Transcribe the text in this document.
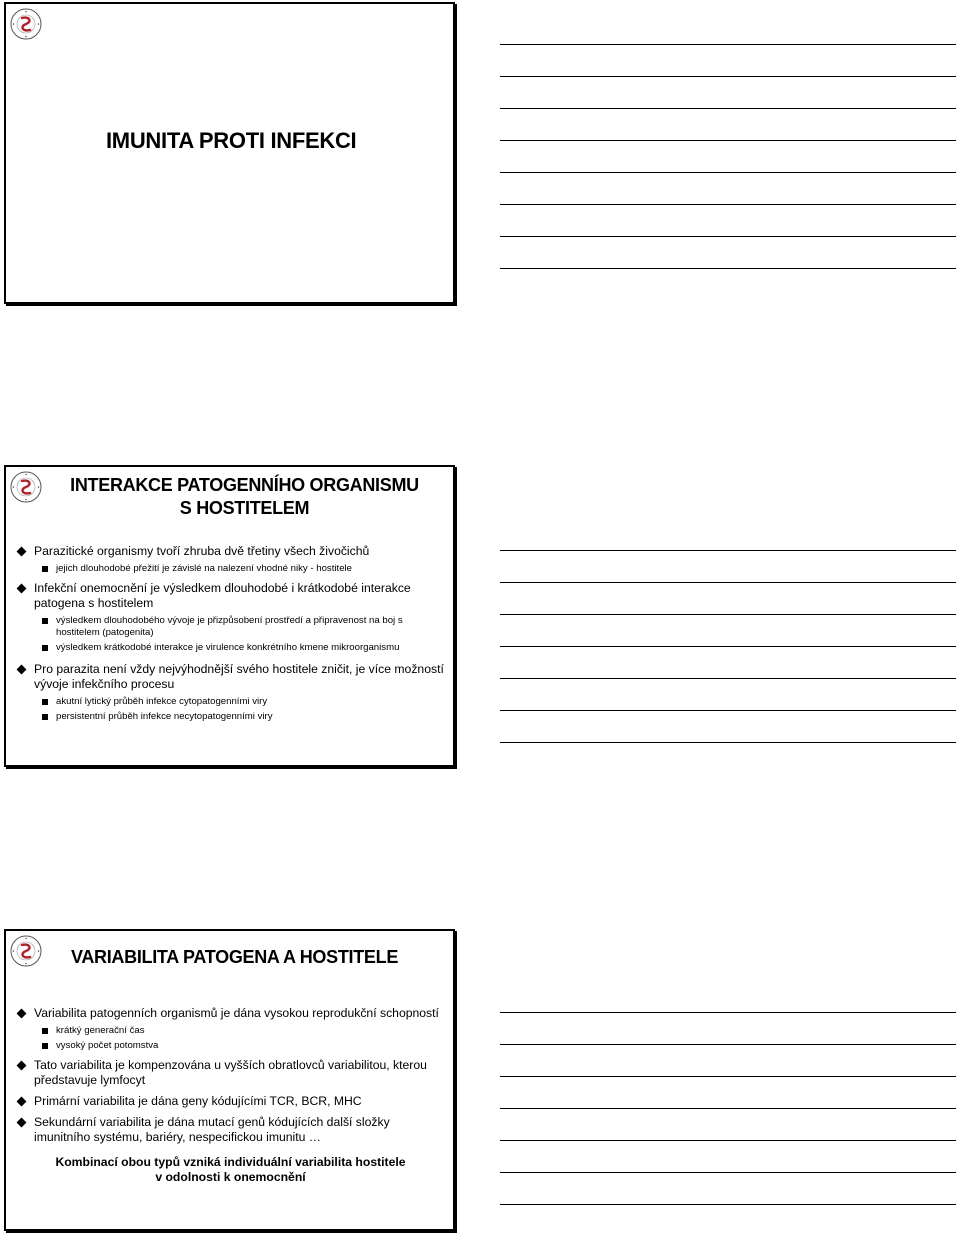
IMUNITA PROTI INFEKCI
INTERAKCE PATOGENNÍHO ORGANISMU
S HOSTITELEM
Parazitické organismy tvoří zhruba dvě třetiny všech živočichů
jejich dlouhodobé přežití je závislé na nalezení vhodné niky - hostitele
Infekční onemocnění je výsledkem dlouhodobé i krátkodobé interakce patogena s hostitelem
výsledkem dlouhodobého vývoje je přizpůsobení prostředí a připravenost na boj s hostitelem (patogenita)
výsledkem krátkodobé interakce je virulence konkrétního kmene mikroorganismu
Pro parazita není vždy nejvýhodnější svého hostitele zničit, je více možností vývoje infekčního procesu
akutní lytický průběh infekce cytopatogenními viry
persistentní průběh infekce necytopatogenními viry
VARIABILITA PATOGENA A HOSTITELE
Variabilita patogenních organismů je dána vysokou reprodukční schopností
krátký generační čas
vysoký počet potomstva
Tato variabilita je kompenzována u vyšších obratlovců variabilitou, kterou představuje lymfocyt
Primární variabilita je dána geny kódujícími TCR, BCR, MHC
Sekundární variabilita je dána mutací genů kódujících další složky imunitního systému, bariéry, nespecifickou imunitu …
Kombinací obou typů vzniká individuální variabilita hostitele
v odolnosti k onemocnění
